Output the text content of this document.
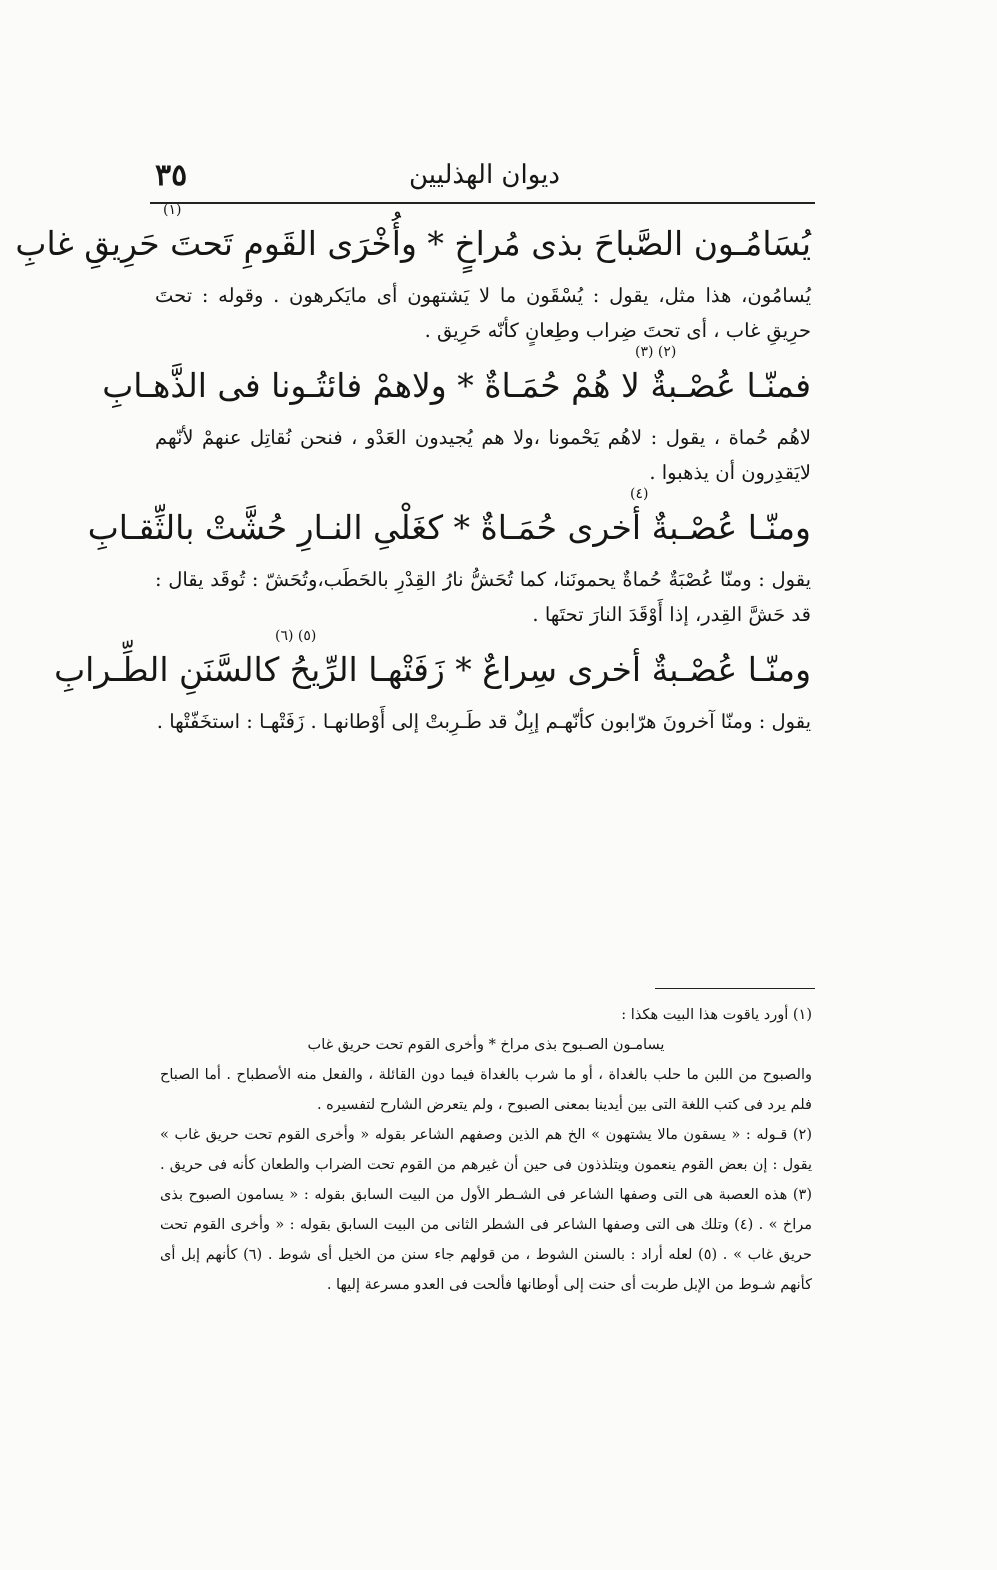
٣٥	ديوان الهذليين
(١)
يُسَامُـون الصَّباحَ بذى مُراخٍ * وأُخْرَى القَومِ تَحتَ حَرِيقِ غابِ
يُسامُون، هذا مثل، يقول : يُسْقَون ما لا يَشتهون أى مايَكرهون . وقوله : تحتَ حرِيقِ غاب ، أى تحتَ ضِراب وطِعانٍ كأنّه حَرِيق .
(٢) (٣)
فمنّـا عُصْـبةٌ لا هُمْ حُمَـاةٌ * ولاهمْ فائتُـونا فى الذَّهـابِ
لاهُم حُماة ، يقول : لاهُم يَحْمونا ،ولا هم يُجيدون العَدْو ، فنحن نُقاتِل عنهمْ لأنّهم لايَقدِرون أن يذهبوا .
(٤)
ومنّـا عُصْـبةٌ أخرى حُمَـاةٌ * كغَلْىِ النـارِ حُشَّتْ بالثِّقـابِ
يقول : ومنّا عُصْبَةٌ حُماةٌ يحمونَنا، كما تُحَشُّ نارُ القِدْرِ بالحَطَب،وتُحَشّ : تُوقَد يقال : قد حَشَّ القِدر، إذا أَوْقَدَ النارَ تحتَها .
(٥) (٦)
ومنّـا عُصْـبةٌ أخرى سِراعٌ * زَفَتْهـا الرِّيحُ كالسَّنَنِ الطِّـرابِ
يقول : ومنّا آخرونَ هرّابون كأنّهـم إبِلٌ قد طَـرِبتْ إلى أَوْطانهـا . زَفَتْهـا : استخَفّتْها .

(١) أورد ياقوت هذا البيت هكذا :

يسامـون الصـبوح بذى مراخ * وأخرى القوم تحت حريق غاب

والصبوح من اللبن ما حلب بالغداة ، أو ما شرب بالغداة فيما دون القائلة ، والفعل منه الأصطباح . أما الصباح فلم يرد فى كتب اللغة التى بين أيدينا بمعنى الصبوح ، ولم يتعرض الشارح لتفسيره .

(٢) قـوله : « يسقون مالا يشتهون » الخ هم الذين وصفهم الشاعر بقوله « وأخرى القوم تحت حريق غاب » يقول : إن بعض القوم ينعمون ويتلذذون فى حين أن غيرهم من القوم تحت الضراب والطعان كأنه فى حريق . (٣) هذه العصبة هى التى وصفها الشاعر فى الشـطر الأول من البيت السابق بقوله : « يسامون الصبوح بذى مراخ » . (٤) وتلك هى التى وصفها الشاعر فى الشطر الثانى من البيت السابق بقوله : « وأخرى القوم تحت حريق غاب » . (٥) لعله أراد : بالسنن الشوط ، من قولهم جاء سنن من الخيل أى شوط . (٦) كأنهم إبل أى كأنهم شـوط من الإبل طربت أى حنت إلى أوطانها فألحت فى العدو مسرعة إليها .
